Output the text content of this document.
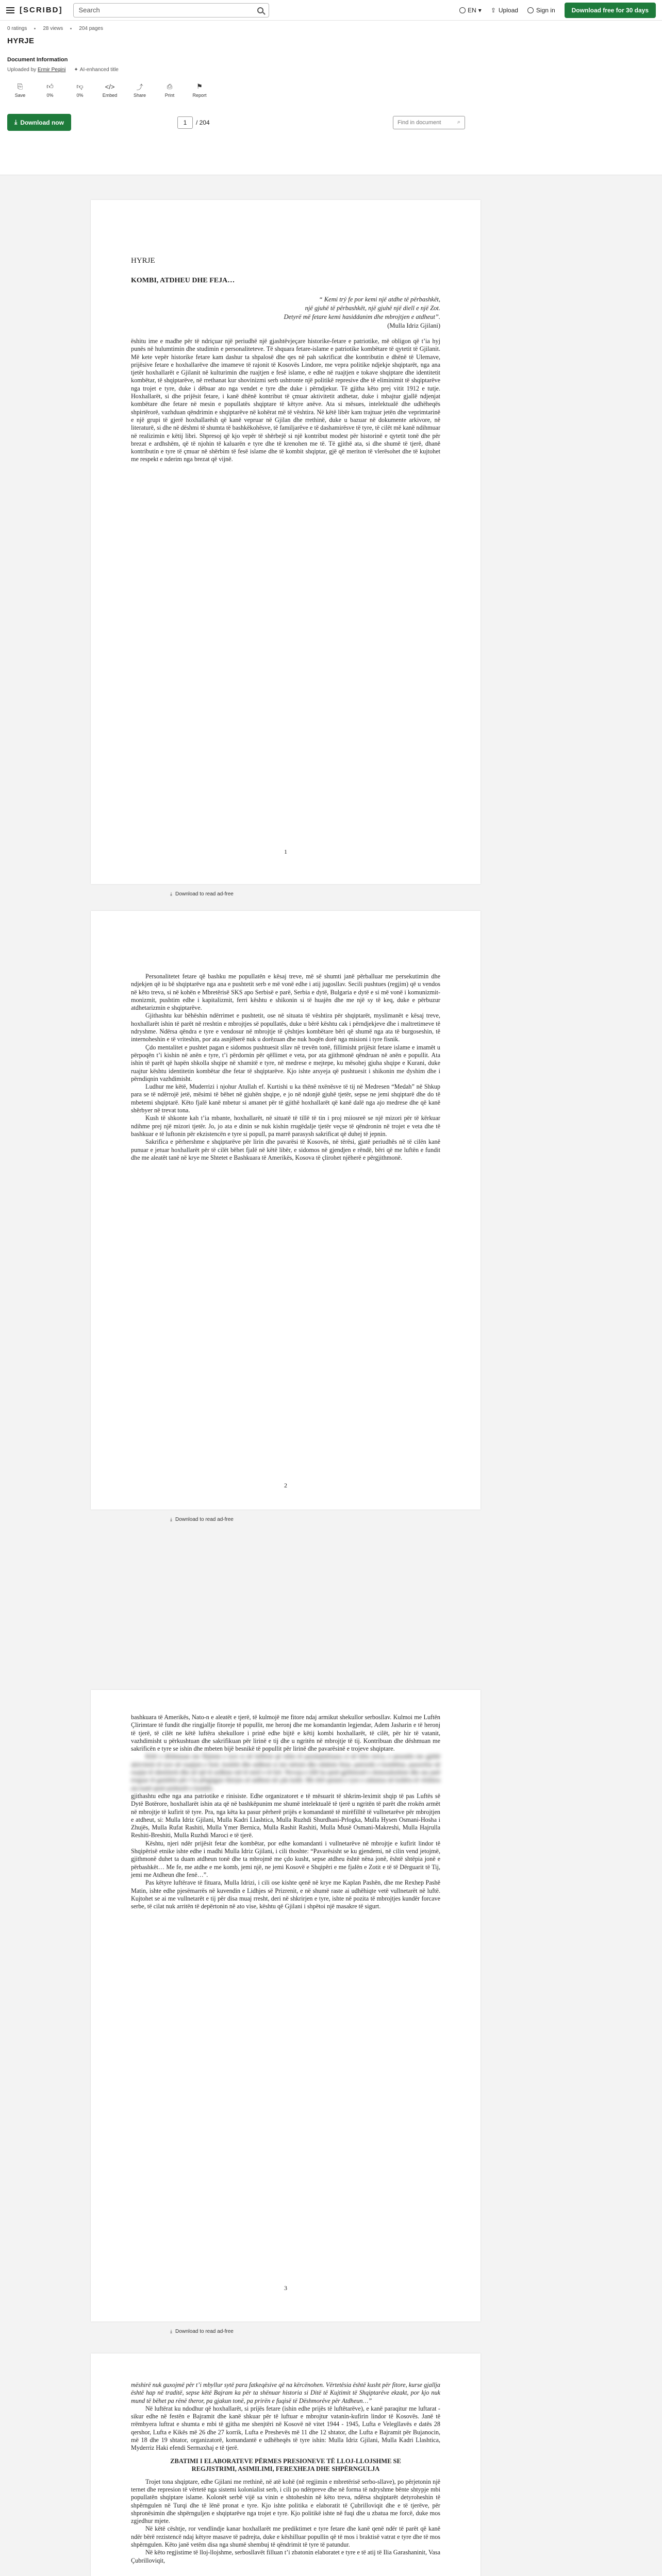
[SCRIBD] Search	EN ▾ ⇪ Upload	Sign in	Download free for 30 days
0 ratings	28 views	204 pages
HYRJE
Document Information
Uploaded by Ermir Peqini ✦ AI-enhanced title
⎘
Save
👍︎
0%
👎︎
0%
</>
Embed
⤴
Share
⎙
Print
⚑
Report
⤓ Download now	1	/ 204	Find in document	⌕
HYRJE
KOMBI, ATDHEU DHE FEJA…
“ Kemi trý fe por kemi një atdhe të përbashkët,
një gjuhë të përbashkët, një gjuhë një diell e një Zot.
Detyrë më fetare kemi hasiddanim dhe mbrojtjen e atdheut”.
(Mulla Idriz Gjilani)

ëshitu ime e madhe për të ndriçuar një periudhë një gjashtëvjeçare historike-fetare e patriotike, më obligon që t’ia hyj punës në hulumtimin dhe studimin e personaliteteve. Të shquara fetare-islame e patriotike kombëtare të qytetit të Gjilanit. Më kete vepër historike fetare kam dashur ta shpalosë dhe qes në pah sakrificat dhe kontributin e dhënë të Ulemave, prijësive fetare e hoxhallarëve dhe imameve të rajonit të Kosovës Lindore, me vepra politike ndjekje shqiptarët, nga ana tjetër hoxhallarët e Gjilanit në kulturimin dhe ruajtjen e fesë islame, e edhe në ruajtjen e tokave shqiptare dhe identitetit kombëtar, të shqiptarëve, në rrethanat kur shovinizmi serb ushtronte një politikë represive dhe të eliminimit të shqiptarëve nga trojet e tyre, duke i dëbuar ato nga vendet e tyre dhe duke i përndjekur. Të gjitha këto prej vitit 1912 e tutje. Hoxhallarët, si dhe prijësit fetare, i kanë dhënë kontribut të çmuar aktivitetit atdhetar, duke i mbajtur gjallë ndjenjat kombëtare dhe fetare në mesin e popullatës shqiptare të këtyre anëve. Ata si mësues, intelektualë dhe udhëheqës shpirtërorë, vazhduan qëndrimin e shqiptarëve në kohërat më të vështira. Në këtë libër kam trajtuar jetën dhe veprimtarinë e një grupi të gjerë hoxhallarësh që kanë vepruar në Gjilan dhe rrethinë, duke u bazuar në dokumente arkivore, në literaturë, si dhe në dëshmi të shumta të bashkëkohësve, të familjarëve e të dashamirësve të tyre, të cilët më kanë ndihmuar në realizimin e këtij libri. Shpresoj që kjo vepër të shërbejë si një kontribut modest për historinë e qytetit tonë dhe për brezat e ardhshëm, që të njohin të kaluarën e tyre dhe të krenohen me të. Të gjithë ata, si dhe shumë të tjerë, dhanë kontributin e tyre të çmuar në shërbim të fesë islame dhe të kombit shqiptar, gjë që meriton të vlerësohet dhe të kujtohet me respekt e nderim nga brezat që vijnë.

1
⤓ Download to read ad-free

Personalitetet fetare që bashku me popullatën e kësaj treve, më së shumti janë përballuar me persekutimin dhe ndjekjen që iu bë shqiptarëve nga ana e pushtetit serb e më vonë edhe i atij jugosllav. Secili pushtues (regjim) që u vendos në këto treva, si në kohën e Mbretërisë SKS apo Serbisë e parë, Serbia e dytë, Bulgaria e dytë e si më vonë i komunizmit-monizmit, pushtim edhe i kapitalizmit, ferri kështu e shikonin si të huajën dhe me një sy të keq, duke e përbuzur atdhetarizmin e shqiptarëve.

Gjithashtu kur bëhëshin ndërrimet e pushtetit, ose në situata të vështira për shqiptarët, myslimanët e kësaj treve, hoxhallarët ishin të parët në rreshtin e mbrojtjes së popullatës, duke u bërë kështu cak i përndjekjeve dhe i maltretimeve të ndryshme. Ndërsa qëndra e tyre e vendosur në mbrojtje të çështjes kombëtare bëri që shumë nga ata të burgoseshin, të internoheshin e të vriteshin, por ata asnjëherë nuk u dorëzuan dhe nuk hoqën dorë nga misioni i tyre fisnik.

Çdo mentalitet e pushtet pagan e sidomos pushtuesit sllav në trevën tonë, fillimisht prijësit fetare islame e imamët u përpoqën t’i kishin në anën e tyre, t’i përdornin për qëllimet e veta, por ata gjithmonë qëndruan në anën e popullit. Ata ishin të parët që hapën shkolla shqipe në xhamitë e tyre, në medrese e mejtepe, ku mësohej gjuha shqipe e Kurani, duke ruajtur kështu identitetin kombëtar dhe fetar të shqiptarëve. Kjo ishte arsyeja që pushtuesit i shikonin me dyshim dhe i përndiqnin vazhdimisht.

Ludhur me këtë, Muderrizi i njohur Atullah ef. Kurtishi u ka thënë nxënësve të tij në Medresen “Medah” në Shkup para se të ndërrojë jetë, mësimi të bëhet në gjuhën shqipe, e jo në ndonjë gjuhë tjetër, sepse ne jemi shqiptarë dhe do të mbetemi shqiptarë. Këto fjalë kanë mbetur si amanet për të gjithë hoxhallarët që kanë dalë nga ajo medrese dhe që kanë shërbyer në trevat tona.

Kush të shkonte kah t’ia mbante, hoxhallarët, në situatë të tillë të tin i proj miiosreë se një mizori për të kërkuar ndihme prej një mizori tjetër. Jo, jo ata e dinin se nuk kishin rrugëdalje tjetër veçse të qëndronin në trojet e veta dhe të bashkuar e të luftonin për ekzistencën e tyre si popull, pa marrë parasysh sakrificat që duhej të jepnin.

Sakrifica e përhershme e shqiptarëve për lirin dhe pavarësi të Kosovës, në tërësi, gjatë periudhës në të cilën kanë punuar e jetuar hoxhallarët për të cilët bëhet fjalë në këtë libër, e sidomos në gjendjen e rëndë, bëri që me luftën e fundit dhe me aleatët tanë në krye me Shtetet e Bashkuara të Amerikës, Kosova të çlirohet njëherë e përgjithmonë.

2
⤓ Download to read ad-free

bashkuara të Amerikës, Nato-n e aleatët e tjerë, të kulmojë me fitore ndaj armikut shekullor serbosllav. Kulmoi me Luftën Çlirimtare të fundit dhe ringjallje fitoreje të popullit, me heronj dhe me komandantin legjendar, Adem Jasharin e të heronj të tjerë, të cilët ne këtë luftëra shekullore i prinë edhe bijtë e këtij kombi hoxhallarët, të cilët, për hir të vatanit, vazhdimisht u përkushtuan dhe sakrifikuan për lirinë e tij dhe u ngritën në mbrojtje të tij. Kontribuan dhe dëshmuan me sakrificën e tyre se ishin dhe mbeten bijë besnikë të popullit për lirinë dhe pavarësinë e trojeve shqiptare.

Këtë e dëshmuan me flijimin e tyre si në luftërat që ishin të paralajmëruara si në këto treva, e pesonën me gjithë aktivitetit të tyre në ruajtjen e fesë, kombit dhe atdheut si me mësim dhe edukim fetar, patriotik e kombëtar, pasorrëse në ruajtje të identitetit dhe në një të ardhme më të mirë e të lirë. Nevoja e tillë ka qenë gjithmonë e domosdoshme dhe ata janë treguar të gatshëm për t’iu përgjigjur thirrjes së atdheut në çdo kohë. Me tërë qenien e tyre e sidomos në kohëra të vështira ata kanë qenë pishtarët e kombit.

gjithashtu edhe nga ana patriotike e rinisiste. Edhe organizatoret e të mësuarit të shkrim-leximit shqip të pas Luftës së Dytë Botërore, hoxhallarët ishin ata që në bashkëpunim me shumë intelektualë të tjerë u ngritën të parët dhe rrokën armët në mbrojtje të kufirit të tyre. Pra, nga këta ka pasur përherë prijës e komandantë të mirëfilltë të vullnetarëve për mbrojtjen e atdheut, si: Mulla Idriz Gjilani, Mulla Kadri Llashtica, Mulla Ruzhdi Shurdhani-Prlogka, Mulla Hysen Osmani-Hosha i Zhujës, Mulla Rufat Rashiti, Mulla Ymer Bernica, Mulla Rashit Rashiti, Mulla Musë Osmani-Makreshi, Mulla Hajrulla Reshiti-Breshiti, Mulla Ruzhdi Maroci e të tjerë.

Kështu, njeri ndër prijësit fetar dhe kombëtar, por edhe komandanti i vullnetarëve në mbrojtje e kufirit lindor të Shqipërisë etnike ishte edhe i madhi Mulla Idriz Gjilani, i cili thoshte: “Pavarësisht se ku gjendemi, në cilin vend jetojmë, gjithmonë duhet ta duam atdheun tonë dhe ta mbrojmë me çdo kusht, sepse atdheu është nëna jonë, është shtëpia jonë e përbashkët… Me fe, me atdhe e me komb, jemi një, ne jemi Kosovë e Shqipëri e me fjalën e Zotit e të të Dërguarit të Tij, jemi me Atdheun dhe fenë…”.

Pas këtyre luftërave të fituara, Mulla Idrizi, i cili ose kishte qenë në krye me Kaplan Pashën, dhe me Rexhep Pashë Matin, ishte edhe pjesëmarrës në kuvendin e Lidhjes së Prizrenit, e në shumë raste ai udhëhiqte vetë vullnetarët në luftë. Kujtohet se ai me vullnetarët e tij për disa muaj rresht, deri në shkrirjen e tyre, ishte në pozita të mbrojtjes kundër forcave serbe, të cilat nuk arritën të depërtonin në ato vise, kështu që Gjilani i shpëtoi një masakre të sigurt.

3
⤓ Download to read ad-free

mëshirë nuk guxojmë për t’i mbyllur sytë para fatkeqësive që na kërcënohen. Vërtetësia është kusht për fitore, kurse gjallja është hap në traditë, sepse këtë Bajram ka për ta shënuar historia si Ditë të Kujtimit të Shqiptarëve ekzakt, por kjo nuk mund të bëhet pa rënë theror, pa gjakun tonë, pa prirën e fuqisë të Dëshmorëve për Atdheun…”

Në luftërat ku ndodhur që hoxhallarët, si prijës fetare (ishin edhe prijës të luftëtarëve), e kanë paraqitur me luftarat - sikur edhe në festën e Bajramit dhe kanë shkuar për të luftuar e mbrojtur vatanin-kufirin lindor të Kosovës. Janë të rrëmbyera luftrat e shumta e mbi të gjitha me shenjtëri në Kosovë në vitet 1944 - 1945, Lufta e Velegllavës e datës 28 qershor, Lufta e Kikës më 26 dhe 27 korrik, Lufta e Preshevës më 11 dhe 12 shtator, dhe Lufta e Bajramit për Bujanocin, më 18 dhe 19 shtator, organizatorë, komandantë e udhëheqës të tyre ishin: Mulla Idriz Gjilani, Mulla Kadri Llashtica, Myderriz Haki efendi Sermaxhaj e të tjerë.

ZBATIMI I ELABORATEVE PËRMES PRESIONEVE TË LLOJ-LLOJSHME SE
REGJISTRIMI, ASIMILIMI, FEREXHEJA DHE SHPËRNGULJA

Trojet tona shqiptare, edhe Gjilani me rrethinë, në atë kohë (në regjimin e mbretërisë serbo-sllave), po përjetonin një ternet dhe represion të vërtetë nga sistemi kolonialist serb, i cili po ndërpreve dhe në forma të ndryshme bënte shtypje mbi popullatën shqiptare islame. Kolonët serbë vijë sa vinin e shtoheshin në këto treva, ndërsa shqiptarët detyroheshin të shpërngulen në Turqi dhe të lënë pronat e tyre. Kjo ishte politika e elaboratit të Çubrilloviqit dhe e të tjerëve, për shpronësimin dhe shpërnguljen e shqiptarëve nga trojet e tyre. Kjo politikë ishte në fuqi dhe u zbatua me forcë, duke mos zgjedhur mjete.

Në këtë cështje, ror vendlindje kanar hoxhallarët me prediktimet e tyre fetare dhe kanë qenë ndër të parët që kanë ndër bërë rezistencë ndaj këtyre masave të padrejta, duke e këshilluar popullin që të mos i braktisë vatrat e tyre dhe të mos shpërngulen. Këto janë vetëm disa nga shumë shembuj të qëndrimit të tyre të patundur.

Në këto regjistime të lloj-llojshme, serbosllavët filluan t’i zbatonin elaboratet e tyre e të atij të Ilia Garashaninit, Vasa Çubrilloviqit,
